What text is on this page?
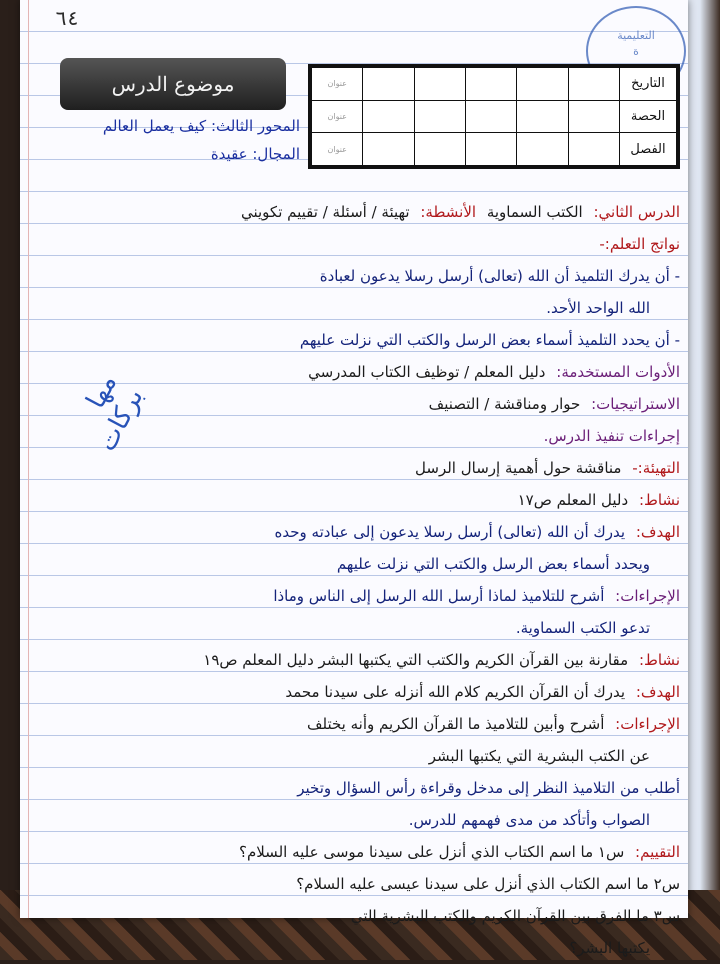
٦٤
التعليمية
ة
موضوع الدرس	التاريخ						عنوان
الحصة						عنوان
الفصل						عنوان
المحور الثالث: كيف يعمل العالم
المجال: عقيدة
الدرس الثاني: الكتب السماوية الأنشطة: تهيئة / أسئلة / تقييم تكويني
نواتج التعلم:-
- أن يدرك التلميذ أن الله (تعالى) أرسل رسلا يدعون لعبادة
الله الواحد الأحد.
- أن يحدد التلميذ أسماء بعض الرسل والكتب التي نزلت عليهم
الأدوات المستخدمة: دليل المعلم / توظيف الكتاب المدرسي
الاستراتيجيات: حوار ومناقشة / التصنيف
إجراءات تنفيذ الدرس.
التهيئة:- مناقشة حول أهمية إرسال الرسل
نشاط: دليل المعلم ص١٧
الهدف: يدرك أن الله (تعالى) أرسل رسلا يدعون إلى عبادته وحده
ويحدد أسماء بعض الرسل والكتب التي نزلت عليهم
الإجراءات: أشرح للتلاميذ لماذا أرسل الله الرسل إلى الناس وماذا
تدعو الكتب السماوية.
نشاط: مقارنة بين القرآن الكريم والكتب التي يكتبها البشر دليل المعلم ص١٩
الهدف: يدرك أن القرآن الكريم كلام الله أنزله على سيدنا محمد
الإجراءات: أشرح وأبين للتلاميذ ما القرآن الكريم وأنه يختلف
عن الكتب البشرية التي يكتبها البشر
أطلب من التلاميذ النظر إلى مدخل وقراءة رأس السؤال وتخير
الصواب وأتأكد من مدى فهمهم للدرس.
التقييم: س١ ما اسم الكتاب الذي أنزل على سيدنا موسى عليه السلام؟
س٢ ما اسم الكتاب الذي أنزل على سيدنا عيسى عليه السلام؟
س٣ ما الفرق بين القرآن الكريم والكتب البشرية التي
يكتبها البشر؟
مها بركات
